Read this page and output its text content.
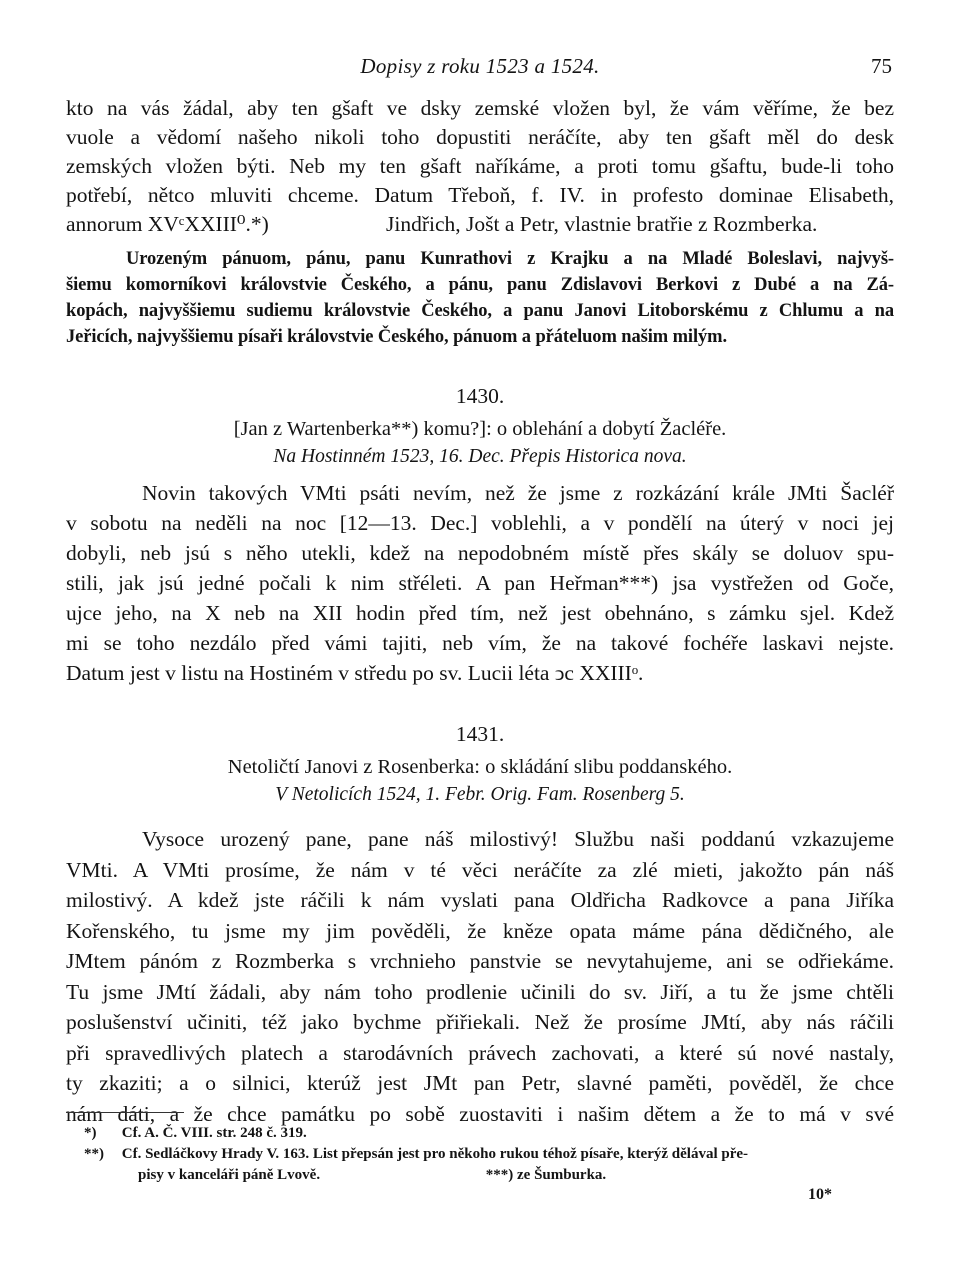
Dopisy z roku 1523 a 1524.	75
kto na vás žádal, aby ten gšaft ve dsky zemské vložen byl, že vám věříme, že bez
vuole a vědomí našeho nikoli toho dopustiti neráčíte, aby ten gšaft měl do desk
zemských vložen býti. Neb my ten gšaft naříkáme, a proti tomu gšaftu, bude-li toho
potřebí, nětco mluviti chceme. Datum Třeboň, f. IV. in profesto dominae Elisabeth,
annorum XVᶜXXIII⁰.*)	Jindřich, Jošt a Petr, vlastnie bratřie z Rozmberka.
Urozeným pánuom, pánu, panu Kunrathovi z Krajku a na Mladé Boleslavi, najvyš-
šiemu komorníkovi královstvie Českého, a pánu, panu Zdislavovi Berkovi z Dubé a na Zá-
kopách, najvyššiemu sudiemu královstvie Českého, a panu Janovi Litoborskému z Chlumu a na
Jeřicích, najvyššiemu písaři královstvie Českého, pánuom a přáteluom našim milým.
1430.
[Jan z Wartenberka**) komu?]: o oblehání a dobytí Žacléře.
Na Hostinném 1523, 16. Dec. Přepis Historica nova.
Novin takových VMti psáti nevím, než že jsme z rozkázání krále JMti Šacléř
v sobotu na neděli na noc [12—13. Dec.] voblehli, a v pondělí na úterý v noci jej
dobyli, neb jsú s něho utekli, kdež na nepodobném místě přes skály se doluov spu-
stili, jak jsú jedné počali k nim střéleti. A pan Heřman***) jsa vystřežen od Goče,
ujce jeho, na X neb na XII hodin před tím, než jest obehnáno, s zámku sjel. Kdež
mi se toho nezdálo před vámi tajiti, neb vím, že na takové fochéře laskavi nejste.
Datum jest v listu na Hostiném v středu po sv. Lucii léta ͻc XXIIIᵒ.
1431.
Netoličtí Janovi z Rosenberka: o skládání slibu poddanského.
V Netolicích 1524, 1. Febr. Orig. Fam. Rosenberg 5.
Vysoce urozený pane, pane náš milostivý! Službu naši poddanú vzkazujeme
VMti. A VMti prosíme, že nám v té věci neráčíte za zlé mieti, jakožto pán náš
milostivý. A kdež jste ráčili k nám vyslati pana Oldřicha Radkovce a pana Jiříka
Kořenského, tu jsme my jim pověděli, že kněze opata máme pána dědičného, ale
JMtem pánóm z Rozmberka s vrchnieho panstvie se nevytahujeme, ani se odřiekáme.
Tu jsme JMtí žádali, aby nám toho prodlenie učinili do sv. Jiří, a tu že jsme chtěli
poslušenství učiniti, též jako bychme přiřiekali. Než že prosíme JMtí, aby nás ráčili
při spravedlivých platech a starodávních právech zachovati, a které sú nové nastaly,
ty zkaziti; a o silnici, kterúž jest JMt pan Petr, slavné paměti, pověděl, že chce
nám dáti, a že chce památku po sobě zuostaviti i našim dětem a že to má v své
*) Cf. A. Č. VIII. str. 248 č. 319.
**) Cf. Sedláčkovy Hrady V. 163. List přepsán jest pro někoho rukou téhož písaře, kterýž dělával pře-
pisy v kanceláři páně Lvově.	***) ze Šumburka.
10*
